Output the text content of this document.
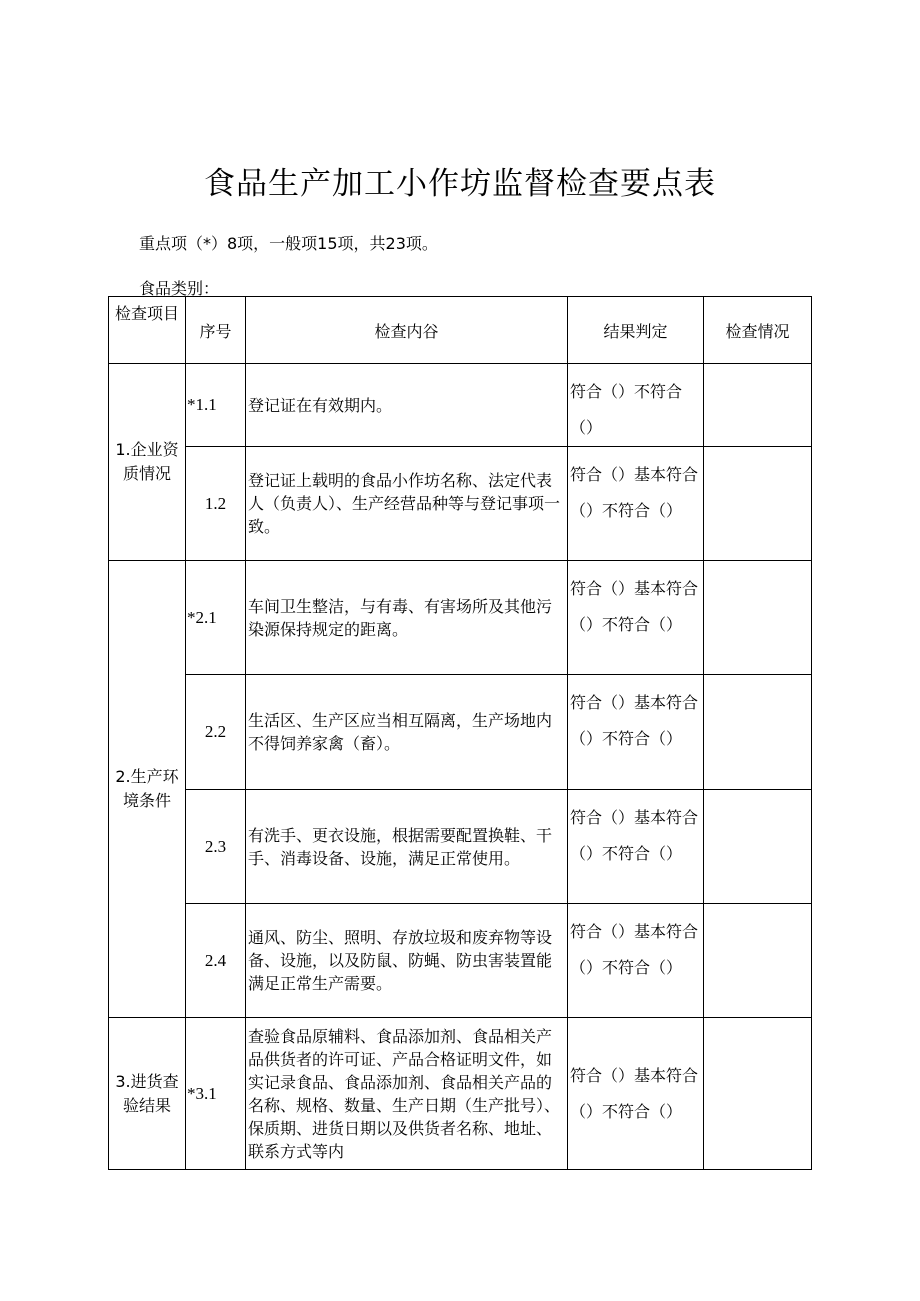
食品生产加工小作坊监督检查要点表
重点项（*）8项，一般项15项，共23项。
食品类别：
检查项目	序号	检查内谷	结果判定	检查情况
1.企业资质情况	*1.1	登记证在有效期内。	符合（）不符合
（）	

	1.2	登记证上载明的食品小作坊名称、法定代表人（负责人）、生产经营品种等与登记事项一致。	符合（）基本符合
（）不符合（）	

2.生产环境条件	*2.1	车间卫生整洁，与有毒、有害场所及其他污染源保持规定的距离。	符合（）基本符合
（）不符合（）	

	2.2	生活区、生产区应当相互隔离，生产场地内不得饲养家禽（畜）。	符合（）基本符合
（）不符合（）	

	2.3	有洗手、更衣设施，根据需要配置换鞋、干手、消毒设备、设施，满足正常使用。	符合（）基本符合
（）不符合（）	

	2.4	通风、防尘、照明、存放垃圾和废弃物等设备、设施，以及防鼠、防蝇、防虫害装置能满足正常生产需要。	符合（）基本符合
（）不符合（）	

3.进货查验结果	*3.1	查验食品原辅料、食品添加剂、食品相关产品供货者的许可证、产品合格证明文件，如实记录食品、食品添加剂、食品相关产品的名称、规格、数量、生产日期（生产批号）、保质期、进货日期以及供货者名称、地址、联系方式等内	符合（）基本符合
（）不符合（）	
